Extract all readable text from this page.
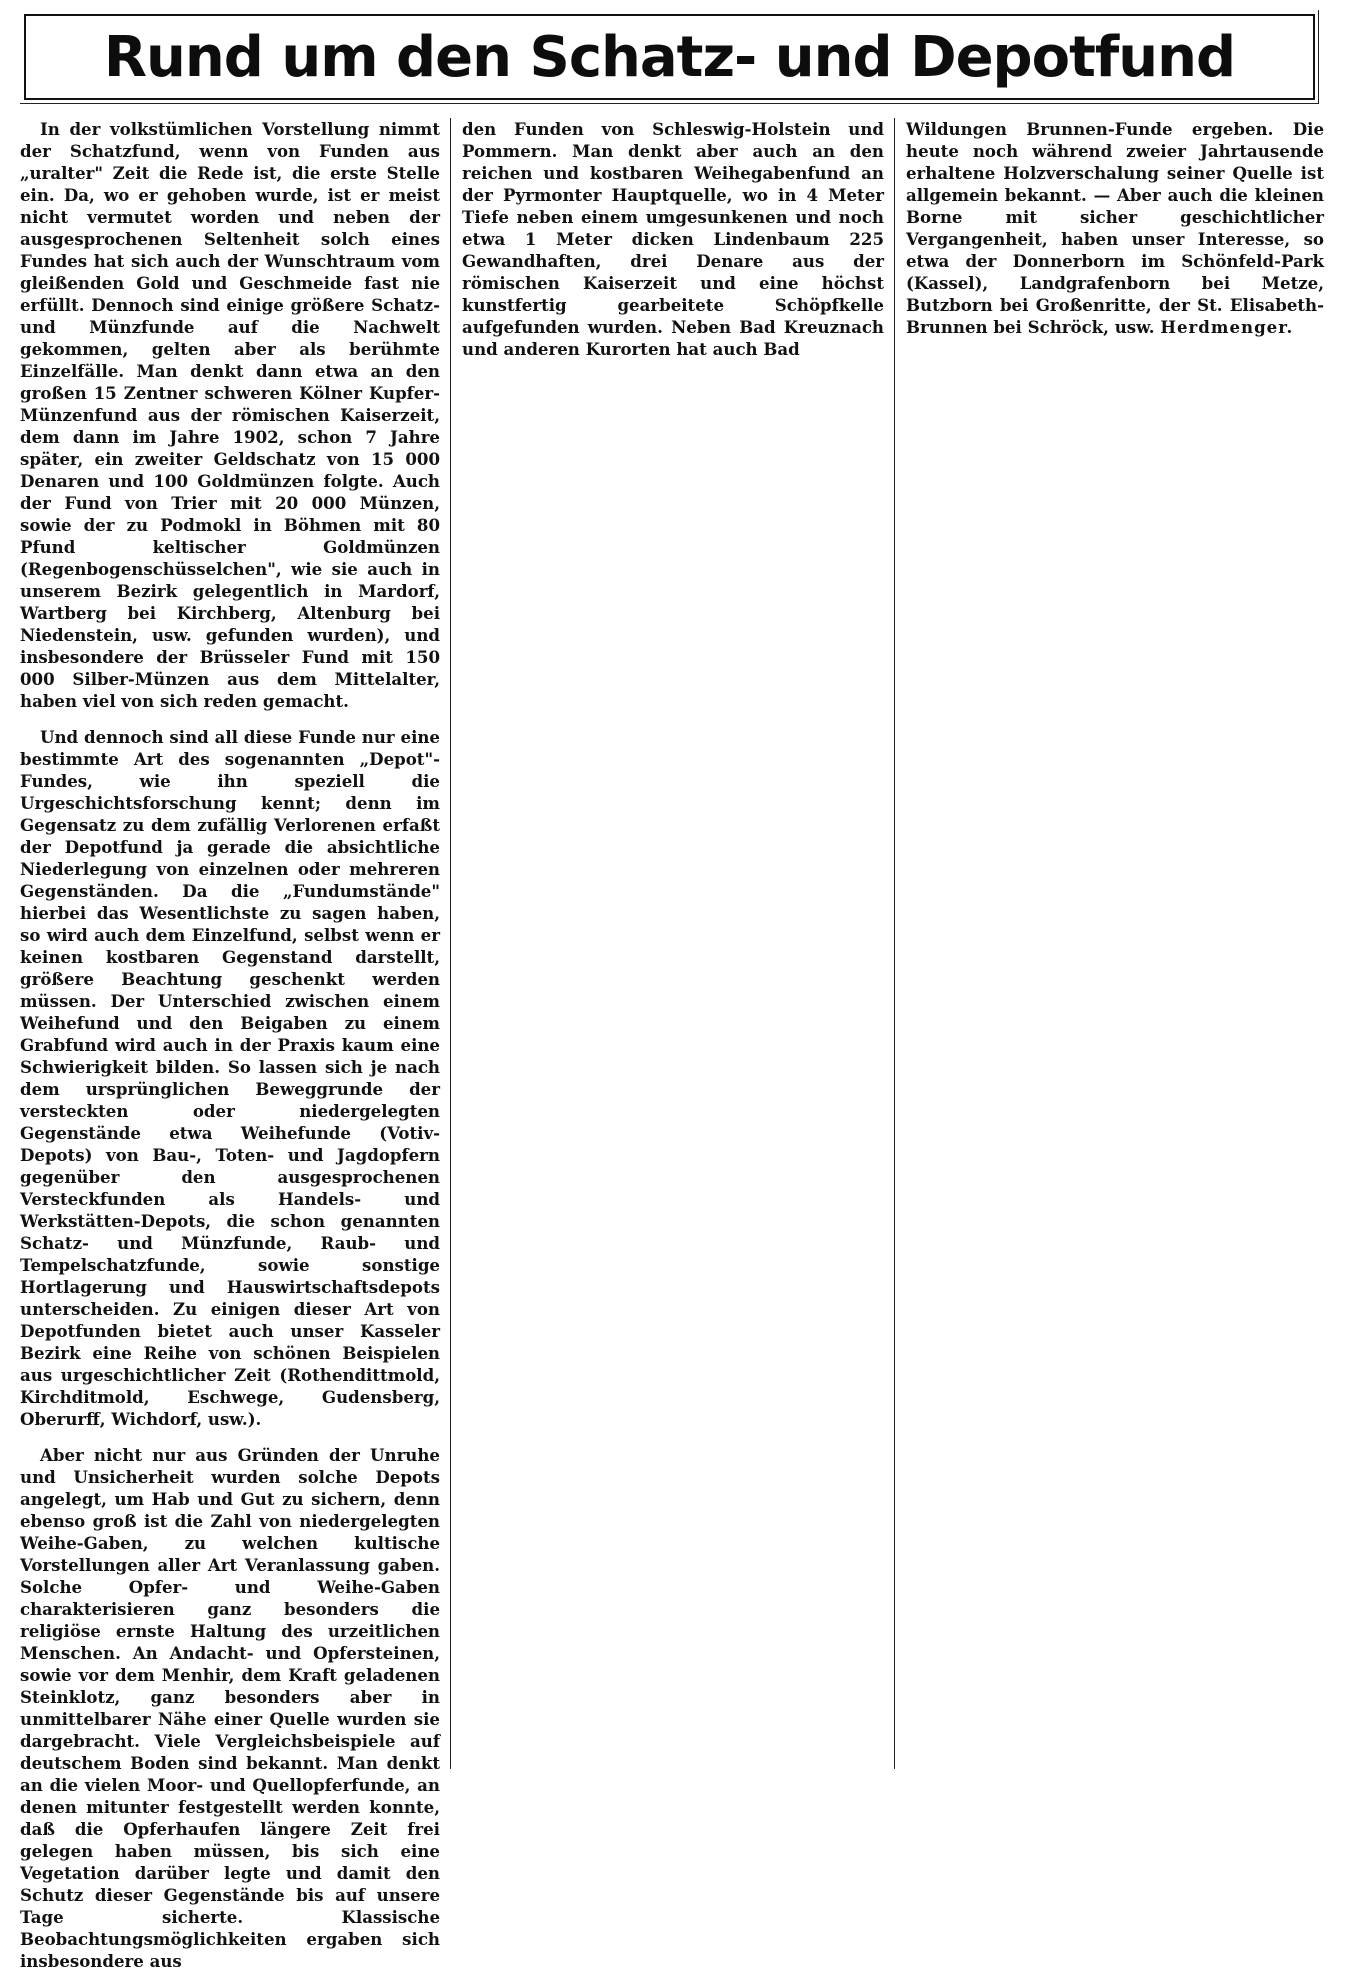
Rund um den Schatz- und Depotfund

In der volkstümlichen Vorstellung nimmt der Schatzfund, wenn von Funden aus „uralter" Zeit die Rede ist, die erste Stelle ein. Da, wo er gehoben wurde, ist er meist nicht vermutet worden und neben der ausgesprochenen Seltenheit solch eines Fundes hat sich auch der Wunschtraum vom gleißenden Gold und Geschmeide fast nie erfüllt. Dennoch sind einige größere Schatz- und Münzfunde auf die Nachwelt gekommen, gelten aber als berühmte Einzelfälle. Man denkt dann etwa an den großen 15 Zentner schweren Kölner Kupfer-Münzenfund aus der römischen Kaiserzeit, dem dann im Jahre 1902, schon 7 Jahre später, ein zweiter Geldschatz von 15 000 Denaren und 100 Goldmünzen folgte. Auch der Fund von Trier mit 20 000 Münzen, sowie der zu Podmokl in Böhmen mit 80 Pfund keltischer Goldmünzen (Regenbogenschüsselchen", wie sie auch in unserem Bezirk gelegentlich in Mardorf, Wartberg bei Kirchberg, Altenburg bei Niedenstein, usw. gefunden wurden), und insbesondere der Brüsseler Fund mit 150 000 Silber-Münzen aus dem Mittelalter, haben viel von sich reden gemacht.

Und dennoch sind all diese Funde nur eine bestimmte Art des sogenannten „Depot"-Fundes, wie ihn speziell die Urgeschichtsforschung kennt; denn im Gegensatz zu dem zufällig Verlorenen erfaßt der Depotfund ja gerade die absichtliche Niederlegung von einzelnen oder mehreren Gegenständen. Da die „Fundumstände" hierbei das Wesentlichste zu sagen haben, so wird auch dem Einzelfund, selbst wenn er keinen kostbaren Gegenstand darstellt, größere Beachtung geschenkt werden müssen. Der Unterschied zwischen einem Weihefund und den Beigaben zu einem Grabfund wird auch in der Praxis kaum eine Schwierigkeit bilden. So lassen sich je nach dem ursprünglichen Beweggrunde der versteckten oder niedergelegten Gegenstände etwa Weihefunde (Votiv-Depots) von Bau-, Toten- und Jagdopfern gegenüber den ausgesprochenen Versteckfunden als Handels- und Werkstätten-Depots, die schon genannten Schatz- und Münzfunde, Raub- und Tempelschatzfunde, sowie sonstige Hortlagerung und Hauswirtschaftsdepots unterscheiden. Zu einigen dieser Art von Depotfunden bietet auch unser Kasseler Bezirk eine Reihe von schönen Beispielen aus urgeschichtlicher Zeit (Rothendittmold, Kirchditmold, Eschwege, Gudensberg, Oberurff, Wichdorf, usw.).

Aber nicht nur aus Gründen der Unruhe und Unsicherheit wurden solche Depots angelegt, um Hab und Gut zu sichern, denn ebenso groß ist die Zahl von niedergelegten Weihe-Gaben, zu welchen kultische Vorstellungen aller Art Veranlassung gaben. Solche Opfer- und Weihe-Gaben charakterisieren ganz besonders die religiöse ernste Haltung des urzeitlichen Menschen. An Andacht- und Opfersteinen, sowie vor dem Menhir, dem Kraft geladenen Steinklotz, ganz besonders aber in unmittelbarer Nähe einer Quelle wurden sie dargebracht. Viele Vergleichsbeispiele auf deutschem Boden sind bekannt. Man denkt an die vielen Moor- und Quellopferfunde, an denen mitunter festgestellt werden konnte, daß die Opferhaufen längere Zeit frei gelegen haben müssen, bis sich eine Vegetation darüber legte und damit den Schutz dieser Gegenstände bis auf unsere Tage sicherte. Klassische Beobachtungsmöglichkeiten ergaben sich insbesondere aus

den Funden von Schleswig-Holstein und Pommern. Man denkt aber auch an den reichen und kostbaren Weihegabenfund an der Pyrmonter Hauptquelle, wo in 4 Meter Tiefe neben einem umgesunkenen und noch etwa 1 Meter dicken Lindenbaum 225 Gewandhaften, drei Denare aus der römischen Kaiserzeit und eine höchst kunstfertig gearbeitete Schöpfkelle aufgefunden wurden. Neben Bad Kreuznach und anderen Kurorten hat auch Bad

Wildungen Brunnen-Funde ergeben. Die heute noch während zweier Jahrtausende erhaltene Holzverschalung seiner Quelle ist allgemein bekannt. — Aber auch die kleinen Borne mit sicher geschichtlicher Vergangenheit, haben unser Interesse, so etwa der Donnerborn im Schönfeld-Park (Kassel), Landgrafenborn bei Metze, Butzborn bei Großenritte, der St. Elisabeth-Brunnen bei Schröck, usw. Herdmenger.
